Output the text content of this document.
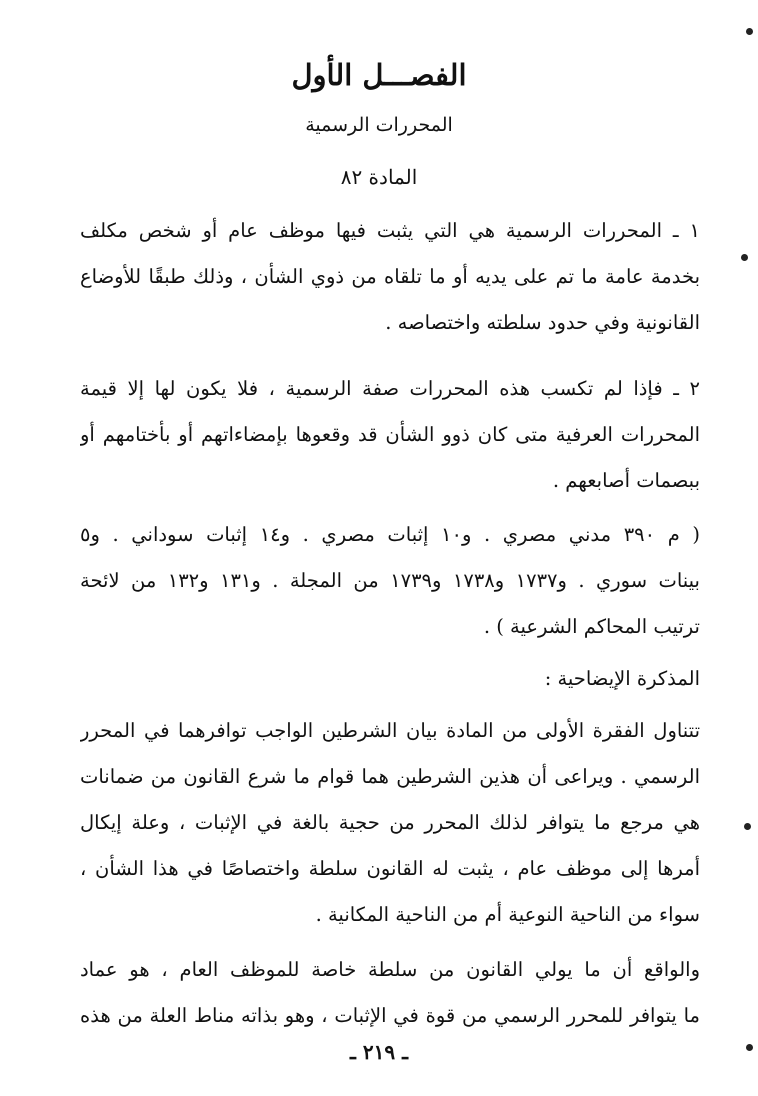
الفصـــل الأول
المحررات الرسمية
المادة ٨٢
١ ـ المحررات الرسمية هي التي يثبت فيها موظف عام أو شخص مكلف
بخدمة عامة ما تم على يديه أو ما تلقاه من ذوي الشأن ، وذلك طبقًا للأوضاع
القانونية وفي حدود سلطته واختصاصه .
٢ ـ فإذا لم تكسب هذه المحررات صفة الرسمية ، فلا يكون لها إلا قيمة
المحررات العرفية متى كان ذوو الشأن قد وقعوها بإمضاءاتهم أو بأختامهم أو
ببصمات أصابعهم .
( م ٣٩٠ مدني مصري . و١٠ إثبات مصري . و١٤ إثبات سوداني . و٥
بينات سوري . و١٧٣٧ و١٧٣٨ و١٧٣٩ من المجلة . و١٣١ و١٣٢ من لائحة
ترتيب المحاكم الشرعية ) .
المذكرة الإيضاحية :
تتناول الفقرة الأولى من المادة بيان الشرطين الواجب توافرهما في المحرر
الرسمي . ويراعى أن هذين الشرطين هما قوام ما شرع القانون من ضمانات
هي مرجع ما يتوافر لذلك المحرر من حجية بالغة في الإثبات ، وعلة إيكال
أمرها إلى موظف عام ، يثبت له القانون سلطة واختصاصًا في هذا الشأن ،
سواء من الناحية النوعية أم من الناحية المكانية .
والواقع أن ما يولي القانون من سلطة خاصة للموظف العام ، هو عماد
ما يتوافر للمحرر الرسمي من قوة في الإثبات ، وهو بذاته مناط العلة من هذه
ـ ٢١٩ ـ
